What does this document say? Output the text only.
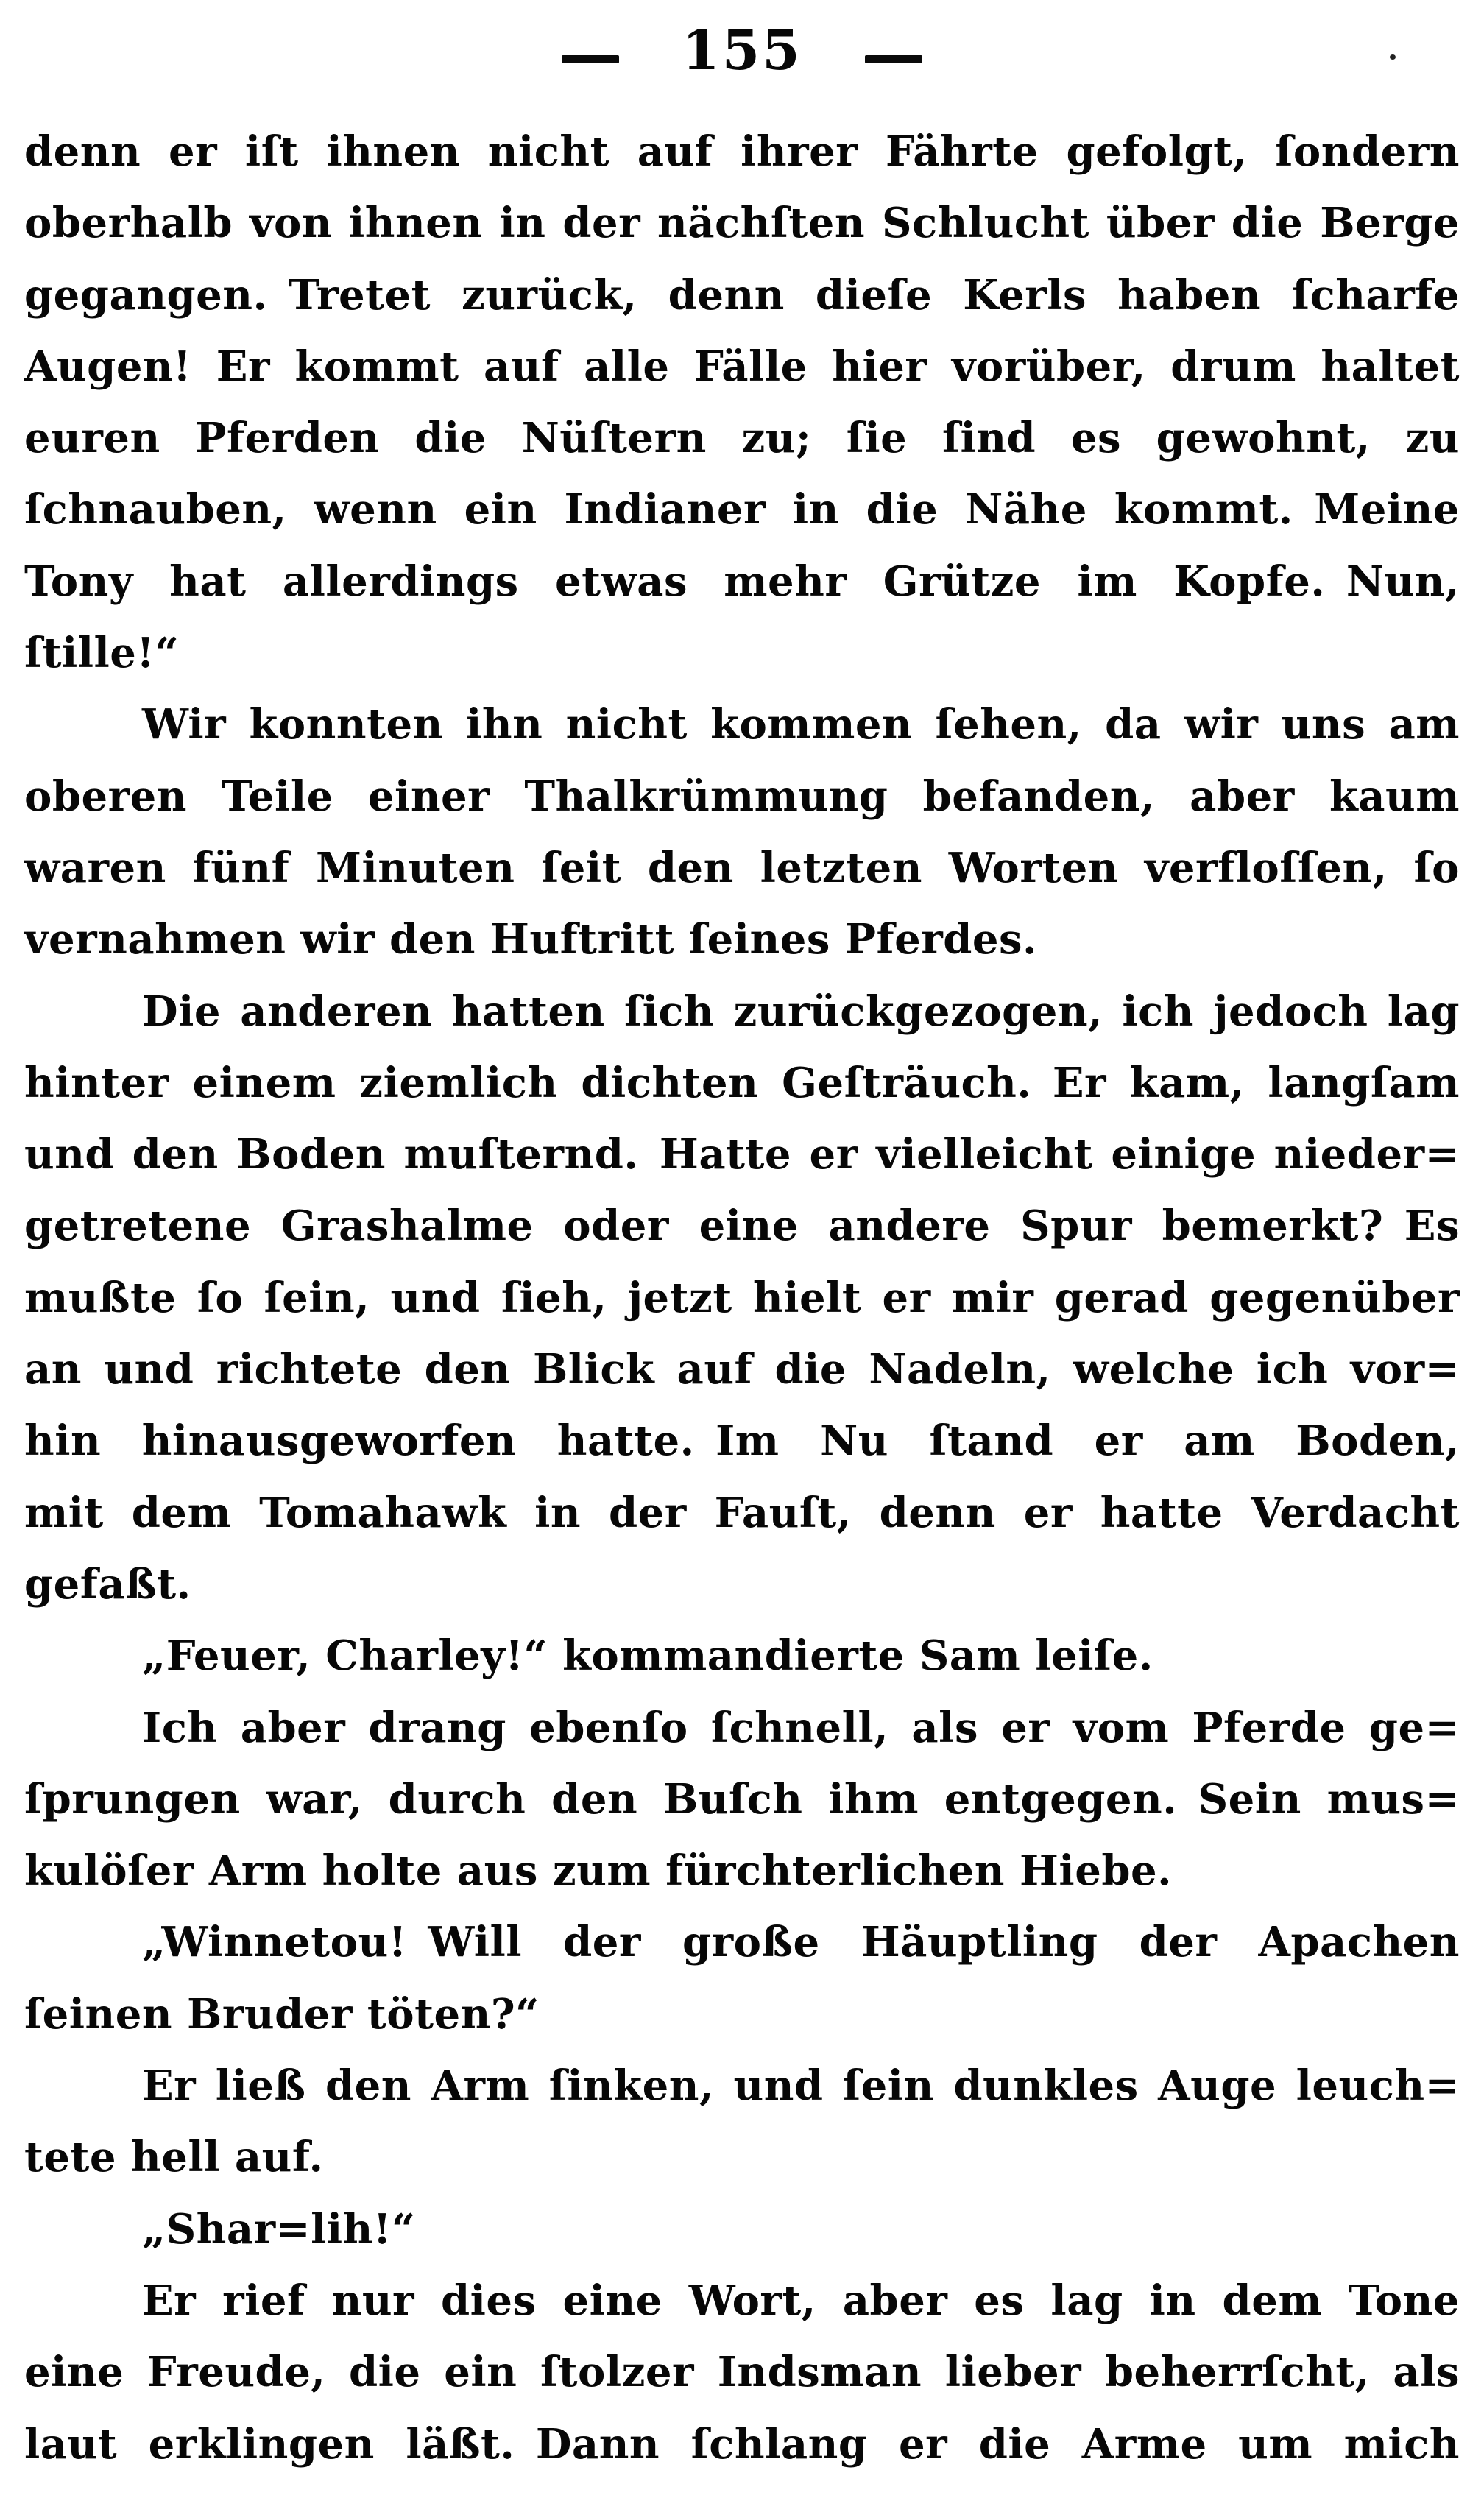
155
denn er iſt ihnen nicht auf ihrer Fährte gefolgt, ſondern
oberhalb von ihnen in der nächſten Schlucht über die Berge
gegangen. Tretet zurück, denn dieſe Kerls haben ſcharfe
Augen! Er kommt auf alle Fälle hier vorüber, drum haltet
euren Pferden die Nüſtern zu; ſie ſind es gewohnt, zu
ſchnauben, wenn ein Indianer in die Nähe kommt. Meine
Tony hat allerdings etwas mehr Grütze im Kopfe. Nun,
ſtille!“
Wir konnten ihn nicht kommen ſehen, da wir uns am
oberen Teile einer Thalkrümmung befanden, aber kaum
waren fünf Minuten ſeit den letzten Worten verfloſſen, ſo
vernahmen wir den Huftritt ſeines Pferdes.
Die anderen hatten ſich zurückgezogen, ich jedoch lag
hinter einem ziemlich dichten Geſträuch. Er kam, langſam
und den Boden muſternd. Hatte er vielleicht einige nieder=
getretene Grashalme oder eine andere Spur bemerkt? Es
mußte ſo ſein, und ſieh, jetzt hielt er mir gerad gegenüber
an und richtete den Blick auf die Nadeln, welche ich vor=
hin hinausgeworfen hatte. Im Nu ſtand er am Boden,
mit dem Tomahawk in der Fauſt, denn er hatte Verdacht
gefaßt.
„Feuer, Charley!“ kommandierte Sam leiſe.
Ich aber drang ebenſo ſchnell, als er vom Pferde ge=
ſprungen war, durch den Buſch ihm entgegen. Sein mus=
kulöſer Arm holte aus zum fürchterlichen Hiebe.
„Winnetou! Will der große Häuptling der Apachen
ſeinen Bruder töten?“
Er ließ den Arm ſinken, und ſein dunkles Auge leuch=
tete hell auf.
„Shar=lih!“
Er rief nur dies eine Wort, aber es lag in dem Tone
eine Freude, die ein ſtolzer Indsman lieber beherrſcht, als
laut erklingen läßt. Dann ſchlang er die Arme um mich
